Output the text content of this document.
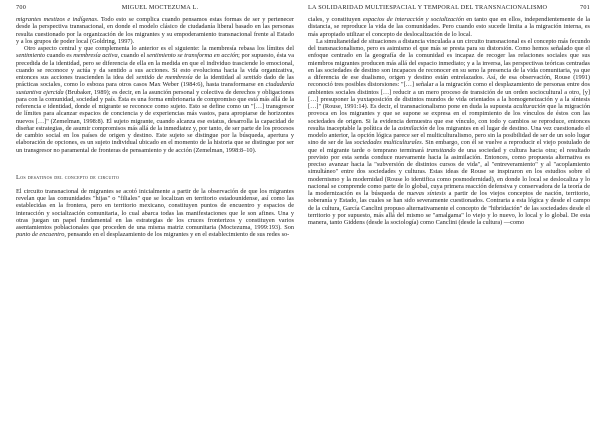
700	MIGUEL MOCTEZUMA L.

migrantes mestizos e indígenas. Todo esto se complica cuando pensamos estas formas de ser y pertenecer desde la perspectiva transnacional, en donde el modelo clásico de ciudadanía liberal basado en las personas resulta cuestionado por la organización de los migrantes y su empoderamiento transnacional frente al Estado y a los grupos de poder local (Goldring, 1997).

Otro aspecto central y que complementa lo anterior es el siguiente: la membresía rebasa los límites del sentimiento cuando es membresía activa, cuando el sentimiento se transforma en acción; por supuesto, ésta va precedida de la identidad, pero se diferencia de ella en la medida en que el individuo trasciende lo emocional, cuando se reconoce y actúa y da sentido a sus acciones. Si esto evoluciona hacia la vida organizativa, entonces sus acciones trascienden la idea del sentido de membresía de la identidad al sentido dado de las prácticas sociales, como lo esboza para otros casos Max Weber (1984:6), hasta transformarse en ciudadanía sustantiva ejercida (Brubaker, 1989); es decir, en la asunción personal y colectiva de derechos y obligaciones para con la comunidad, sociedad y país. Ésta es una forma embrionaria de compromiso que está más allá de la referencia e identidad, donde el migrante se reconoce como sujeto. Esto se define como un "[…] transgresor de límites para alcanzar espacios de conciencia y de experiencias más vastos, para apropiarse de horizontes nuevos […]" (Zemelman, 1998:8). El sujeto migrante, cuando alcanza ese estatus, desarrolla la capacidad de diseñar estrategias, de asumir compromisos más allá de la inmediatez y, por tanto, de ser parte de los procesos de cambio social en los países de origen y destino. Este sujeto se distingue por la búsqueda, apertura y elaboración de opciones, es un sujeto individual ubicado en el momento de la historia que se distingue por ser un transgresor no paramental de fronteras de pensamiento y de acción (Zemelman, 1998:8–10).

Los desatinos del concepto de circuito

El circuito transnacional de migrantes se acotó inicialmente a partir de la observación de que los migrantes revelan que las comunidades "hijas" o "filiales" que se localizan en territorio estadounidense, así como las establecidas en la frontera, pero en territorio mexicano, constituyen puntos de encuentro y espacios de interacción y socialización comunitaria, lo cual abarca todas las manifestaciones que le son afines. Una y otras juegan un papel fundamental en las estrategias de los cruces fronterizos y constituyen varios asentamientos poblacionales que proceden de una misma matriz comunitaria (Moctezuma, 1999:193). Son punto de encuentro, pensando en el desplazamiento de los migrantes y en el establecimiento de sus redes so-

LA SOLIDARIDAD MULTIESPACIAL Y TEMPORAL DEL TRANSNACIONALISMO	701

ciales, y constituyen espacios de interacción y socialización en tanto que en ellos, independientemente de la distancia, se reproduce la vida de las comunidades. Pero cuando esto sucede limita a la migración interna, es más apropiado utilizar el concepto de deslocalización de lo local.

La simultaneidad de situaciones a distancia vinculada a un circuito transnacional es el concepto más fecundo del transnacionalismo, pero es asimismo el que más se presta para su distorsión. Como hemos señalado que el enfoque centrado en la geografía de la comunidad es incapaz de recoger las relaciones sociales que sus miembros migrantes producen más allá del espacio inmediato; y a la inversa, las perspectivas teóricas centradas en las sociedades de destino son incapaces de reconocer en su seno la presencia de la vida comunitaria, ya que a diferencia de ese dualismo, origen y destino están entrelazados. Así, de esa observación, Rouse (1991) reconoció tres posibles distorsiones: "[…] señalar a la migración como el desplazamiento de personas entre dos ambientes sociales distintos […] reducir a un mero proceso de transición de un orden sociocultural a otro, [y] […] presuponer la yuxtaposición de distintos mundos de vida orientados a la homogeneización y a la síntesis […]" (Rouse, 1991:14). Es decir, el transnacionalismo pone en duda la supuesta aculturación que la migración provoca en los migrantes y que se supone se expresa en el rompimiento de los vínculos de éstos con las sociedades de origen. Si la evidencia demuestra que ese vínculo, con todo y cambios se reproduce, entonces resulta inaceptable la política de la asimilación de los migrantes en el lugar de destino. Una vez cuestionado el modelo anterior, la opción lógica parece ser el multiculturalismo, pero sin la posibilidad de ser de un solo lugar sino de ser de las sociedades multiculturales. Sin embargo, con él se vuelve a reproducir el viejo postulado de que el migrante tarde o temprano terminará transitando de una sociedad y cultura hacia otra; el resultado previsto por esta senda conduce nuevamente hacia la asimilación. Entonces, como propuesta alternativa es preciso avanzar hacia la "subversión de distintos cursos de vida", al "entreveramiento" y al "acoplamiento simultáneo" entre dos sociedades y culturas. Estas ideas de Rouse se inspiraron en los estudios sobre el modernismo y la modernidad (Rouse lo identifica como posmodernidad), en donde lo local se deslocaliza y lo nacional se comprende como parte de lo global, cuya primera reacción defensiva y conservadora de la teoría de la modernización es la búsqueda de nuevas síntesis a partir de los viejos conceptos de nación, territorio, soberanía y Estado, las cuales se han sido severamente cuestionados. Contraria a esta lógica y desde el campo de la cultura, García Canclini propuso alternativamente el concepto de "hibridación" de las sociedades desde el territorio y por supuesto, más allá del mismo se "amalgama" lo viejo y lo nuevo, lo local y lo global. De esta manera, tanto Giddens (desde la sociología) como Canclini (desde la cultura) —como
